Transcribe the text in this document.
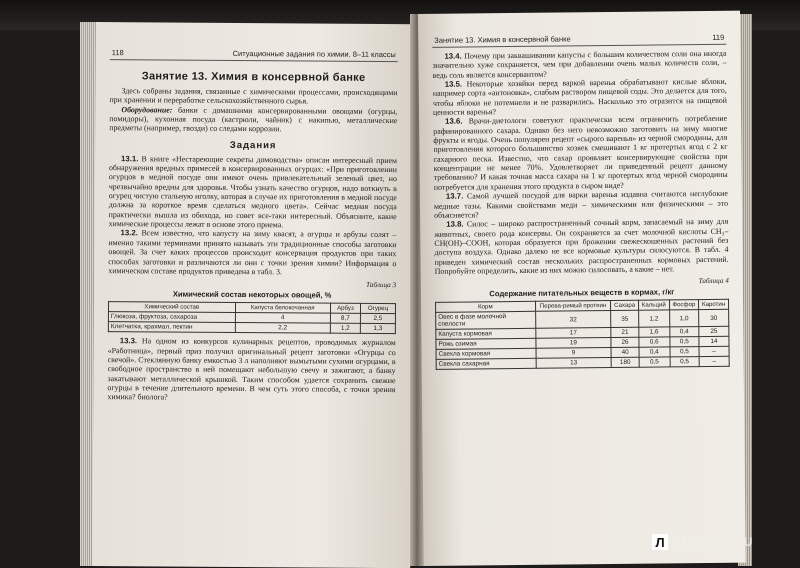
118	Ситуационные задания по химии. 8–11 классы
Занятие 13. Химия в консервной банке

Здесь собраны задания, связанные с химическими процессами, происходящими при хранении и переработке сельскохозяйственного сырья.

Оборудование: банки с домашними консервированными овощами (огурцы, помидоры), кухонная посуда (кастрюли, чайник) с накипью, металлические предметы (например, гвозди) со следами коррозии.

Задания

13.1. В книге «Нестареющие секреты домоводства» описан интересный прием обнаружения вредных примесей в консервированных огурцах: «При приготовлении огурцов в медной посуде они имеют очень привлекательный зеленый цвет, но чрезвычайно вредны для здоровья. Чтобы узнать качество огурцов, надо воткнуть в огурец чистую стальную иголку, которая в случае их приготовления в медной посуде должна за короткое время сделаться медного цвета». Сейчас медная посуда практически вышла из обихода, но совет все-таки интересный. Объясните, какие химические процессы лежат в основе этого приема.

13.2. Всем известно, что капусту на зиму квасят, а огурцы и арбузы солят – именно такими терминами принято называть эти традиционные способы заготовки овощей. За счет каких процессов происходит консервация продуктов при таких способах заготовки и различаются ли они с точки зрения химии? Информация о химическом составе продуктов приведена в табл. 3.

Таблица 3
Химический состав некоторых овощей, %
Химический состав	Капуста белокочанная	Арбуз	Огурец
Глюкоза, фруктоза, сахароза	4	8,7	2,5
Клетчатка, крахмал, пектин	2,2	1,2	1,3

13.3. На одном из конкурсов кулинарных рецептов, проводимых журналом «Работница», первый приз получил оригинальный рецепт заготовки «Огурцы со свечой». Стеклянную банку емкостью 3 л наполняют вымытыми сухими огурцами, в свободное пространство в ней помещают небольшую свечу и зажигают, а банку закатывают металлической крышкой. Таким способом удается сохранить свежие огурцы в течение длительного времени. В чем суть этого способа, с точки зрения химика? биолога?

Занятие 13. Химия в консервной банке	119

13.4. Почему при заквашивании капусты с большим количеством соли она иногда значительно хуже сохраняется, чем при добавлении очень малых количеств соли, – ведь соль является консервантом?

13.5. Некоторые хозяйки перед варкой варенья обрабатывают кислые яблоки, например сорта «антоновка», слабым раствором пищевой соды. Это делается для того, чтобы яблоки не потемнели и не разварились. Насколько это отразится на пищевой ценности варенья?

13.6. Врачи-диетологи советуют практически всем ограничить потребление рафинированного сахара. Однако без него невозможно заготовить на зиму многие фрукты и ягоды. Очень популярен рецепт «сырого варенья» из черной смородины, для приготовления которого большинство хозяек смешивают 1 кг протертых ягод с 2 кг сахарного песка. Известно, что сахар проявляет консервирующие свойства при концентрации не менее 70%. Удовлетворяет ли приведенный рецепт данному требованию? И какая точная масса сахара на 1 кг протертых ягод черной смородины потребуется для хранения этого продукта в сыром виде?

13.7. Самой лучшей посудой для варки варенья издавна считаются неглубокие медные тазы. Какими свойствами меди – химическими или физическими – это объясняется?

13.8. Силос – широко распространенный сочный корм, запасаемый на зиму для животных, своего рода консервы. Он сохраняется за счет молочной кислоты CH₃–CH(OH)–COOH, которая образуется при брожении свежескошенных растений без доступа воздуха. Однако далеко не все кормовые культуры силосуются. В табл. 4 приведен химический состав нескольких распространенных кормовых растений. Попробуйте определить, какие из них можно силосовать, а какие – нет.

Таблица 4
Содержание питательных веществ в кормах, г/кг
Корм	Перева-римый протеин	Сахара	Кальций	Фосфор	Каротин
Овес в фазе молочной спелости	32	35	1,2	1,0	30
Капуста кормовая	17	21	1,6	0,4	25
Рожь озимая	19	26	0,6	0,5	14
Свекла кормовая	9	40	0,4	0,5	–
Свекла сахарная	13	180	0,5	0,5	–
Л LABIRINT.RU
